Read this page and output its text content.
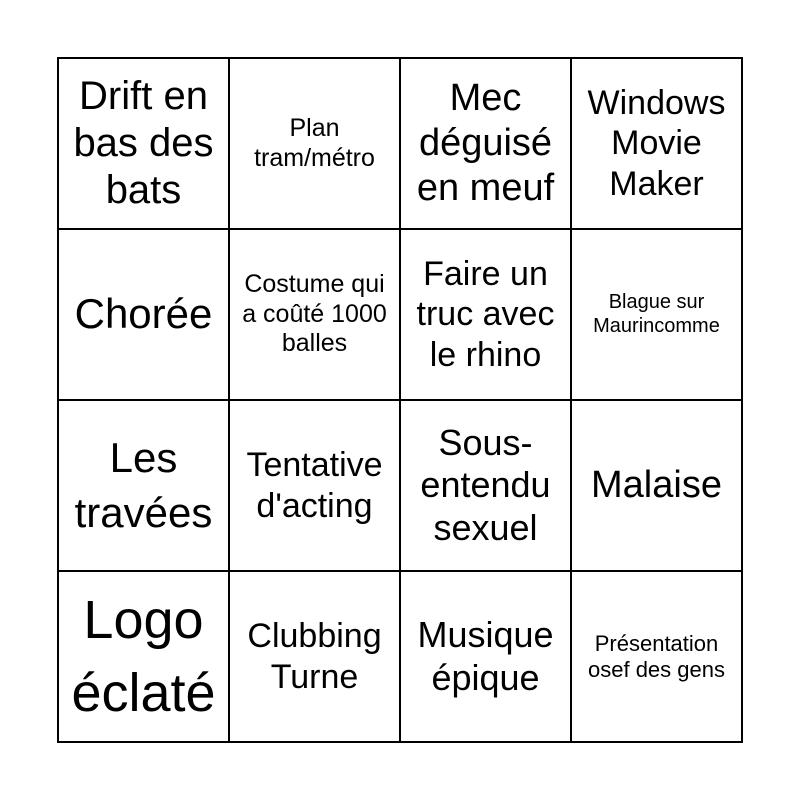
Drift en bas des bats
Plan tram/métro
Mec déguisé en meuf
Windows Movie Maker
Chorée
Costume qui a coûté 1000 balles
Faire un truc avec le rhino
Blague sur Maurincomme
Les travées
Tentative d'acting
Sous-entendu sexuel
Malaise
Logo éclaté
Clubbing Turne
Musique épique
Présentation osef des gens
